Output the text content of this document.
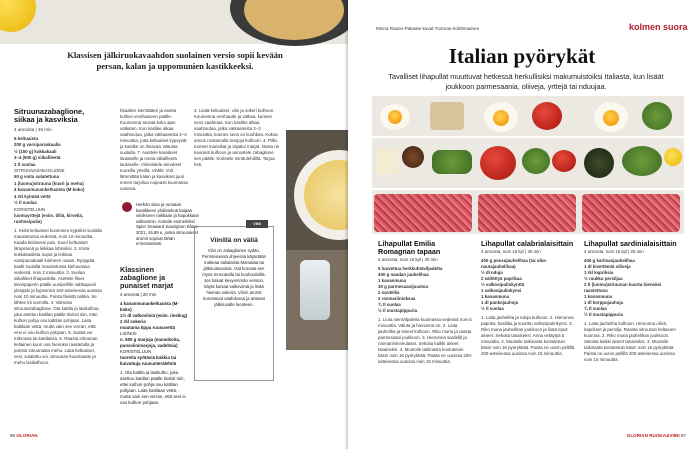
Klassisen jälkiruokavaahdon suolainen versio sopii kevään persan, kalan ja uppomunien kastikkeeksi.
Sitruunazabaglione, siikaa ja kasviksia
4 annosta | 45 min
6 keltuaista
200 g varsiparsakaalia
½ (150 g) kukkakaali
3–4 (500 g) siikafileetä
1 tl suolaa
SITRUUNAZABAGLIONE
50 g voita sulatettuna
1 (luomu)sitruuna (kuori ja mehu)
4 kananmunankeltuaista (M-koko)
4 rkl kylmää vettä
½ tl suolaa
KORISTELUUN
luomuyrttejä (esim. tilliä, kirveliä, ruohosipulia)

1. Keitä keltuaiset kuorineen kypsiksi suolalla maustetussa vedessä, noin 10 minuuttia. Kaada keitinvesi pois. Kuori keltuaiset lämpiminä ja leikkaa lohkoiksi. 2. Irrota kukkakaalista nuput ja leikkaa varsiparsakaali kotineen osaan. Ryöppää kaalit suolalla maustetussa kiehuvassa vedessä, noin 2 minuuttia. 3. Suolaa siikafileet lihapuolelta. Asettele fileet leivinpaperin päälle uunipellille nahkapuoli ylöspäin ja kypsennä 160-asteisessa uunissa noin 10 minuuttia. Poista fileistä nahka. Se lähtee irti sormilla. 4. Valmista sitruunazabaglione. Ota kattila ja lasikulhoa, joka asettuu kattilan päälle tiiviisti niin, ettei kulhon pohja osu kattilan pohjaan. Laita kattilaan vettä, mutta vain sen verran, että vesi ei osu kulhon pohjaan. 5. Sulata voi mikrossa tai kattilassa. 6. Raasta sitruunan keltainen kuori osa hienoksi raastetulla ja purista sitruunasta mehu. Laita keltuaiset, vesi, sulatettu voi, sitruunan kuoriraaste ja mehu lasikulhoon.

hitaallen kierrättäen ja asetta kulhon vesihauteen päälle. Kuumenna seosta koko ajan vatkaten. Kun kastike alkaa vaahtoutua, jatka vatkaamista 2–3 minuuttia, jotta keltuaiset kypsyvät ja kastike on ilmavaa. Mausta suolalla. 7. Asettele kasvikset lautaselle ja nosta siikafileetä lautaselle. Viimeistele annokset tuoreilla yrteillä. Vinkki: Voit lämmittää kalan ja kasvikset juuri ennen tarjoilua nopeasti kuumassa uunissa.

Herkän siian ja runsaan kastikkeen yhdistelmä kaipaa viinikseen raikkaan ja hapokkaan valkoviinin. Kokeile esimerkiksi Spier Seaward Sauvignon Blanc 2021, 16,89 e, jonka sitruunaiset aromit sopivat tähän erinomaisesti.
Klassinen zabaglione ja punaiset marjat
4 annosta | 20 min
4 kananmunankeltuaista (M-koko)
1½ dl valkoviiniä (esim. riesling)
2 rkl sokeria
muutama tippa ruusuvettä
LISÄKSI
n. 500 g marjoja (mansikoita, punaviinimarjoja, vadelmia)
KORISTELUUN
tuoreita syötäviä kukkia tai kuivattuja ruusunterälehtiä

1. Ota kattila ja lasikulho, joka asettuu kattilan päälle tiiviisti niin, ettei kulhon pohja osu kattilan pohjaan. Laita kattilaan vettä, mutta vain sen verran, että vesi ei osu kulhon pohjaan.

3. Lisää keltuaiset, viini ja sokeri kulhoon. Kuumenna vesihaude ja vatkaa, kunnes seos vaahtoaa. Kun kastike alkaa vaahtoutua, jatka vatkaamista 2–3 minuuttia, kunnes seos on kuohkea. Kokoa annos nostamalla marjoja kulhoon. 4. Pilko tuoreet mansikat ja viipaloi marjat. Nosta ne kauniisti kulhoon ja annostele zabaglione sen päälle. Koristele minttulehdillä. Tarjoa heti.

Viinillä on väliä
Viini on zabaglionen sydän. Perinteisessä ohjeessa käytetään makeaa italialaista Marsalaa tai jälkiruokaviiniä. Voit korvata sen myös moscatolla tai kuohuviinillä. Jos haluat kevyemmän version, käytä kuivaa valkoviiniä ja lisää hieman sokeria. Viinin aromit korostuvat vaahdossa ja antavat jälkiruoalle luonteen.
VINI
96 GLORIAN
Minna Rautio-Pakaste kuvat Tuomas Kolehmainen	kolmen suora
Italian pyörykät
Tavalliset lihapullat muuttuvat hetkessä herkullisiksi makumuistoiksi Italiasta, kun lisäät joukkoon parmesaania, oliiveja, yrttejä tai nduujaa.
Lihapullat Emilia Romagnan tapaan
4 annosta, noin 16 kpl | 30 min
5 luuvettua herkkuhtävilpaletta
400 g naudan jauhelihaa
1 kananmuna
30 g parmesaanijuustoa
2 sardellia
2 rosmariinioksaa
¾ tl suolaa
½ tl mustapippuria

1. Liota sienivilpaleita kuumassa vedessä noin 5 minuuttia. Valuta ja hienonna ne. 2. Laita jauheliha ja sienet kulhoon. Riko muna ja raasta parmesaani joukkoon. 3. Hienonna sardellit ja rosmariininneulaset. Sekoita kaikki aineet tasaiseksi. 4. Muotoile taikinasta kostutetuin käsin noin 16 pyörykkää. Paista ne uunissa 200-asteisessa uunissa noin 15 minuuttia.

Lihapullat calabrialaisittain
4 annosta, noin 16 kpl | 30 min
400 g possujauhelihaa (tai sika-nautajauhelihaa)
½ dl nduja
2 säilöttyä paprikaa
½ valkosipulinkynttä
1 valkosipulinkynsi
1 kananmuna
1 dl pankojauhoja
½ tl suolaa

1. Laita jauheliha ja nduja kulhoon. 2. Hienonna paprika, basilika ja kuorittu valkosipulinkynsi. 3. Riko muna jauhelihan joukkoon ja lisää loput aineet. Sekoita tasaiseksi. Anna vetäytyä 5 minuuttia. 4. Muotoile taikinasta kostutetuin käsin noin 16 pyörykkää. Paista ne uunin pellillä 200-asteisessa uunissa noin 15 minuuttia.

Lihapullat sardinialaisittain
4 annosta, noin 16 kpl | 25 min
400 g karitsanjauhelihaa
1 dl kivettömiä oliiveja
1 rkl kapriksia
½ ruukku persiljaa
2 tl (luomu)sitruunan kuorta hienoksi raastettuna
1 kananmuna
1 dl korppujauhoja
¾ tl suolaa
½ tl mustapippuria

1. Laita jauheliha kulhoon. Hienonna oliivit, kaprikset ja persilja. Raasta sitruunan keltainen kuorosa. 2. Riko muna jauhelihan joukkoon. Sekoita kaikki aineet tasaiseksi. 3. Muotoile taikinasta kostutetuin käsin noin 16 pyörykkää. Paista ne uunin pellillä 200-asteisessa uunissa noin 15 minuuttia.

GLORIAN RUOKA&VIINI 97
